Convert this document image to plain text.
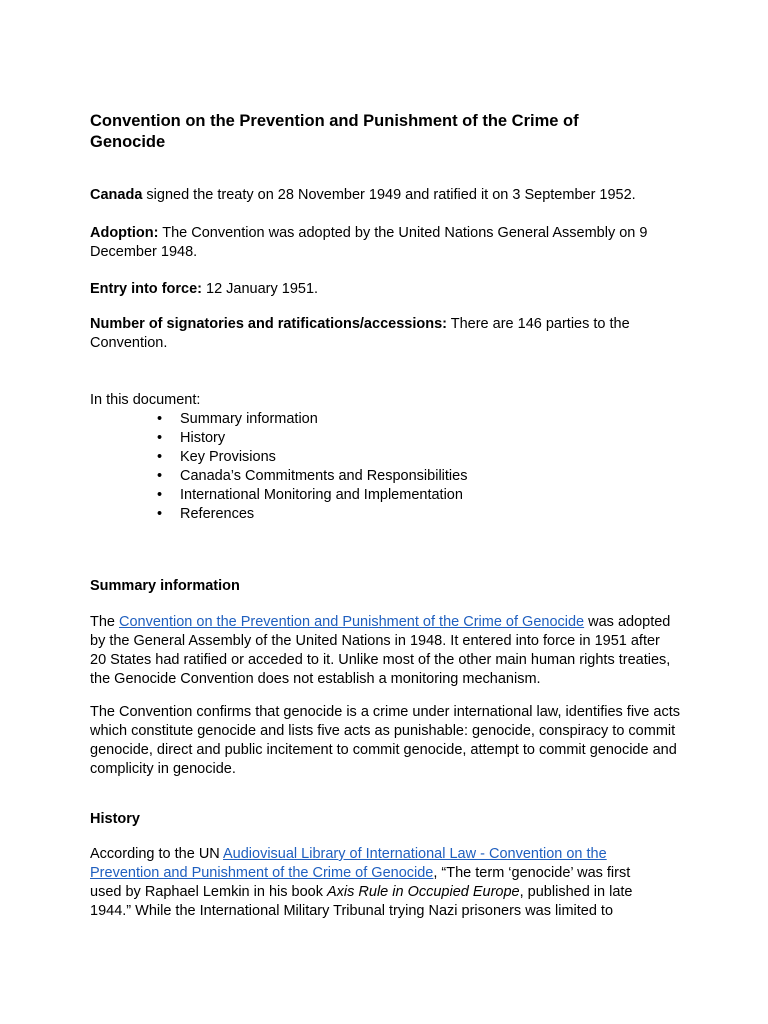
Convention on the Prevention and Punishment of the Crime of Genocide

Canada signed the treaty on 28 November 1949 and ratified it on 3 September 1952.

Adoption: The Convention was adopted by the United Nations General Assembly on 9 December 1948.

Entry into force: 12 January 1951.

Number of signatories and ratifications/accessions: There are 146 parties to the Convention.

In this document:

• Summary information
• History
• Key Provisions
• Canada’s Commitments and Responsibilities
• International Monitoring and Implementation
• References
Summary information

The Convention on the Prevention and Punishment of the Crime of Genocide was adopted by the General Assembly of the United Nations in 1948. It entered into force in 1951 after 20 States had ratified or acceded to it. Unlike most of the other main human rights treaties, the Genocide Convention does not establish a monitoring mechanism.

The Convention confirms that genocide is a crime under international law, identifies five acts which constitute genocide and lists five acts as punishable: genocide, conspiracy to commit genocide, direct and public incitement to commit genocide, attempt to commit genocide and complicity in genocide.

History

According to the UN Audiovisual Library of International Law - Convention on the Prevention and Punishment of the Crime of Genocide, “The term ‘genocide’ was first used by Raphael Lemkin in his book Axis Rule in Occupied Europe, published in late 1944.” While the International Military Tribunal trying Nazi prisoners was limited to
